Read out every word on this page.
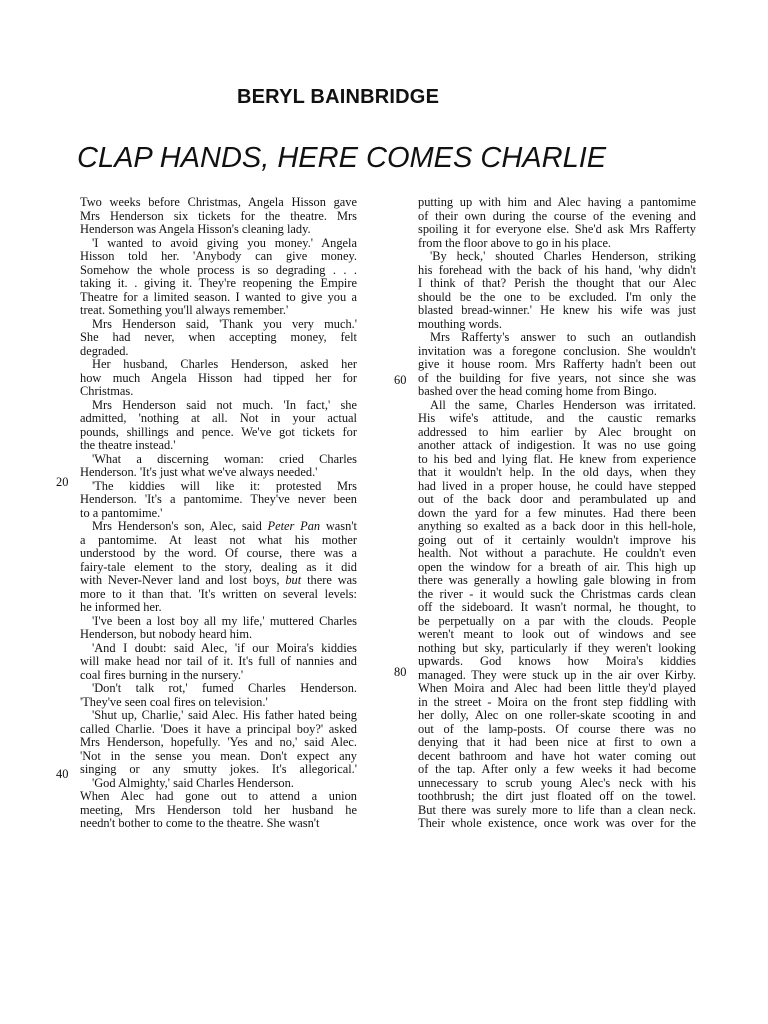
BERYL BAINBRIDGE
CLAP HANDS, HERE COMES CHARLIE
20
40
60
80
Two weeks before Christmas, Angela Hisson gave
Mrs Henderson six tickets for the theatre. Mrs
Henderson was Angela Hisson's cleaning lady.
'I wanted to avoid giving you money.' Angela
Hisson told her. 'Anybody can give money.
Somehow the whole process is so degrading . . .
taking it. . giving it. They're reopening the Empire
Theatre for a limited season. I wanted to give you a
treat. Something you'll always remember.'
Mrs Henderson said, 'Thank you very much.'
She had never, when accepting money, felt
degraded.
Her husband, Charles Henderson, asked her
how much Angela Hisson had tipped her for
Christmas.
Mrs Henderson said not much. 'In fact,' she
admitted, 'nothing at all. Not in your actual
pounds, shillings and pence. We've got tickets for
the theatre instead.'
'What a discerning woman: cried Charles
Henderson. 'It's just what we've always needed.'
'The kiddies will like it: protested Mrs
Henderson. 'It's a pantomime. They've never been
to a pantomime.'
Mrs Henderson's son, Alec, said Peter Pan wasn't
a pantomime. At least not what his mother
understood by the word. Of course, there was a
fairy-tale element to the story, dealing as it did
with Never-Never land and lost boys, but there was
more to it than that. 'It's written on several levels:
he informed her.
'I've been a lost boy all my life,' muttered Charles
Henderson, but nobody heard him.
'And I doubt: said Alec, 'if our Moira's kiddies
will make head nor tail of it. It's full of nannies and
coal fires burning in the nursery.'
'Don't talk rot,' fumed Charles Henderson.
'They've seen coal fires on television.'
'Shut up, Charlie,' said Alec. His father hated being
called Charlie. 'Does it have a principal boy?' asked
Mrs Henderson, hopefully. 'Yes and no,' said Alec.
'Not in the sense you mean. Don't expect any
singing or any smutty jokes. It's allegorical.'
'God Almighty,' said Charles Henderson.
When Alec had gone out to attend a union
meeting, Mrs Henderson told her husband he
needn't bother to come to the theatre. She wasn't
putting up with him and Alec having a pantomime
of their own during the course of the evening and
spoiling it for everyone else. She'd ask Mrs Rafferty
from the floor above to go in his place.
'By heck,' shouted Charles Henderson, striking
his forehead with the back of his hand, 'why didn't
I think of that? Perish the thought that our Alec
should be the one to be excluded. I'm only the
blasted bread-winner.' He knew his wife was just
mouthing words.
Mrs Rafferty's answer to such an outlandish
invitation was a foregone conclusion. She wouldn't
give it house room. Mrs Rafferty hadn't been out
of the building for five years, not since she was
bashed over the head coming home from Bingo.
All the same, Charles Henderson was irritated.
His wife's attitude, and the caustic remarks
addressed to him earlier by Alec brought on
another attack of indigestion. It was no use going
to his bed and lying flat. He knew from experience
that it wouldn't help. In the old days, when they
had lived in a proper house, he could have stepped
out of the back door and perambulated up and
down the yard for a few minutes. Had there been
anything so exalted as a back door in this hell-hole,
going out of it certainly wouldn't improve his
health. Not without a parachute. He couldn't even
open the window for a breath of air. This high up
there was generally a howling gale blowing in from
the river - it would suck the Christmas cards clean
off the sideboard. It wasn't normal, he thought, to
be perpetually on a par with the clouds. People
weren't meant to look out of windows and see
nothing but sky, particularly if they weren't looking
upwards. God knows how Moira's kiddies
managed. They were stuck up in the air over Kirby.
When Moira and Alec had been little they'd played
in the street - Moira on the front step fiddling with
her dolly, Alec on one roller-skate scooting in and
out of the lamp-posts. Of course there was no
denying that it had been nice at first to own a
decent bathroom and have hot water coming out
of the tap. After only a few weeks it had become
unnecessary to scrub young Alec's neck with his
toothbrush; the dirt just floated off on the towel.
But there was surely more to life than a clean neck.
Their whole existence, once work was over for the
